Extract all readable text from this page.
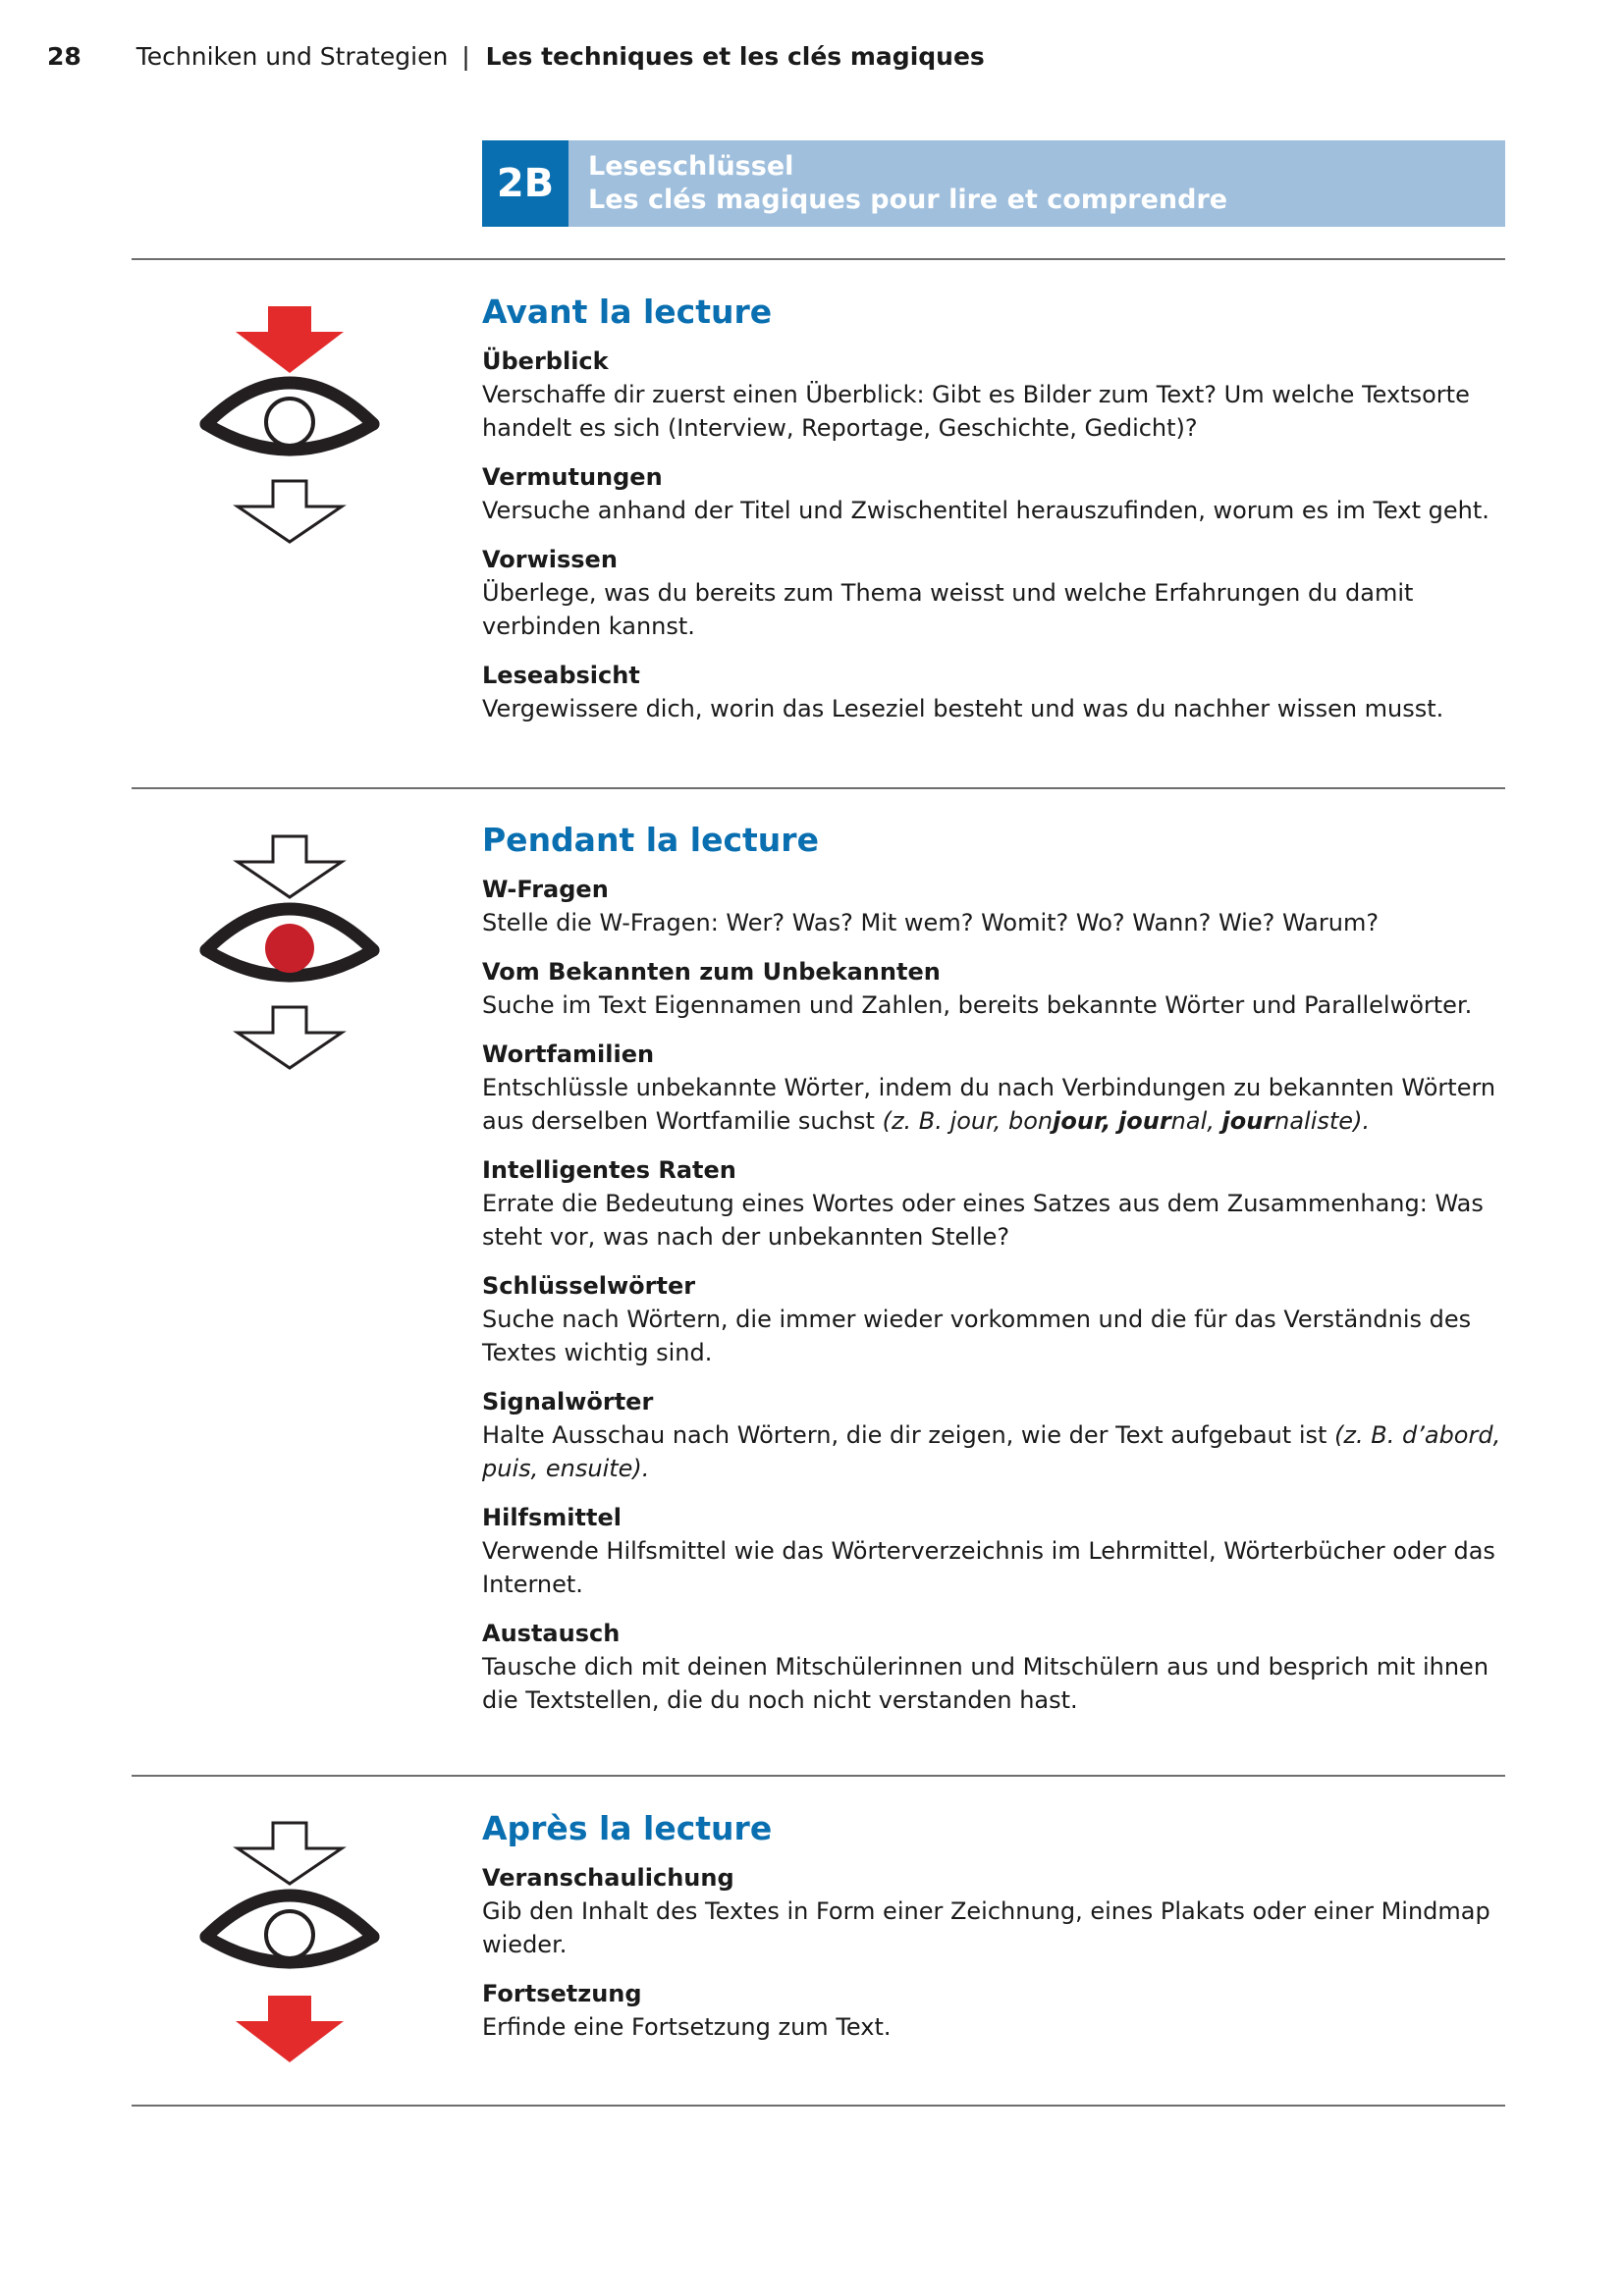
28 Techniken und Strategien | Les techniques et les clés magiques
2B	Leseschlüssel
Les clés magiques pour lire et comprendre
Avant la lecture
Überblick
Verschaffe dir zuerst einen Überblick: Gibt es Bilder zum Text? Um welche Textsorte handelt es sich (Interview, Reportage, Geschichte, Gedicht)?
Vermutungen
Versuche anhand der Titel und Zwischentitel herauszufinden, worum es im Text geht.
Vorwissen
Überlege, was du bereits zum Thema weisst und welche Erfahrungen du damit verbinden kannst.
Leseabsicht
Vergewissere dich, worin das Leseziel besteht und was du nachher wissen musst.
Pendant la lecture
W-Fragen
Stelle die W-Fragen: Wer? Was? Mit wem? Womit? Wo? Wann? Wie? Warum?
Vom Bekannten zum Unbekannten
Suche im Text Eigennamen und Zahlen, bereits bekannte Wörter und Parallelwörter.
Wortfamilien
Entschlüssle unbekannte Wörter, indem du nach Verbindungen zu bekannten Wörtern aus derselben Wortfamilie suchst (z. B. jour, bonjour, journal, journaliste).
Intelligentes Raten
Errate die Bedeutung eines Wortes oder eines Satzes aus dem Zusammenhang: Was steht vor, was nach der unbekannten Stelle?
Schlüsselwörter
Suche nach Wörtern, die immer wieder vorkommen und die für das Verständnis des Textes wichtig sind.
Signalwörter
Halte Ausschau nach Wörtern, die dir zeigen, wie der Text aufgebaut ist (z. B. d’abord, puis, ensuite).
Hilfsmittel
Verwende Hilfsmittel wie das Wörterverzeichnis im Lehrmittel, Wörterbücher oder das Internet.
Austausch
Tausche dich mit deinen Mitschülerinnen und Mitschülern aus und besprich mit ihnen die Textstellen, die du noch nicht verstanden hast.
Après la lecture
Veranschaulichung
Gib den Inhalt des Textes in Form einer Zeichnung, eines Plakats oder einer Mindmap wieder.
Fortsetzung
Erfinde eine Fortsetzung zum Text.
